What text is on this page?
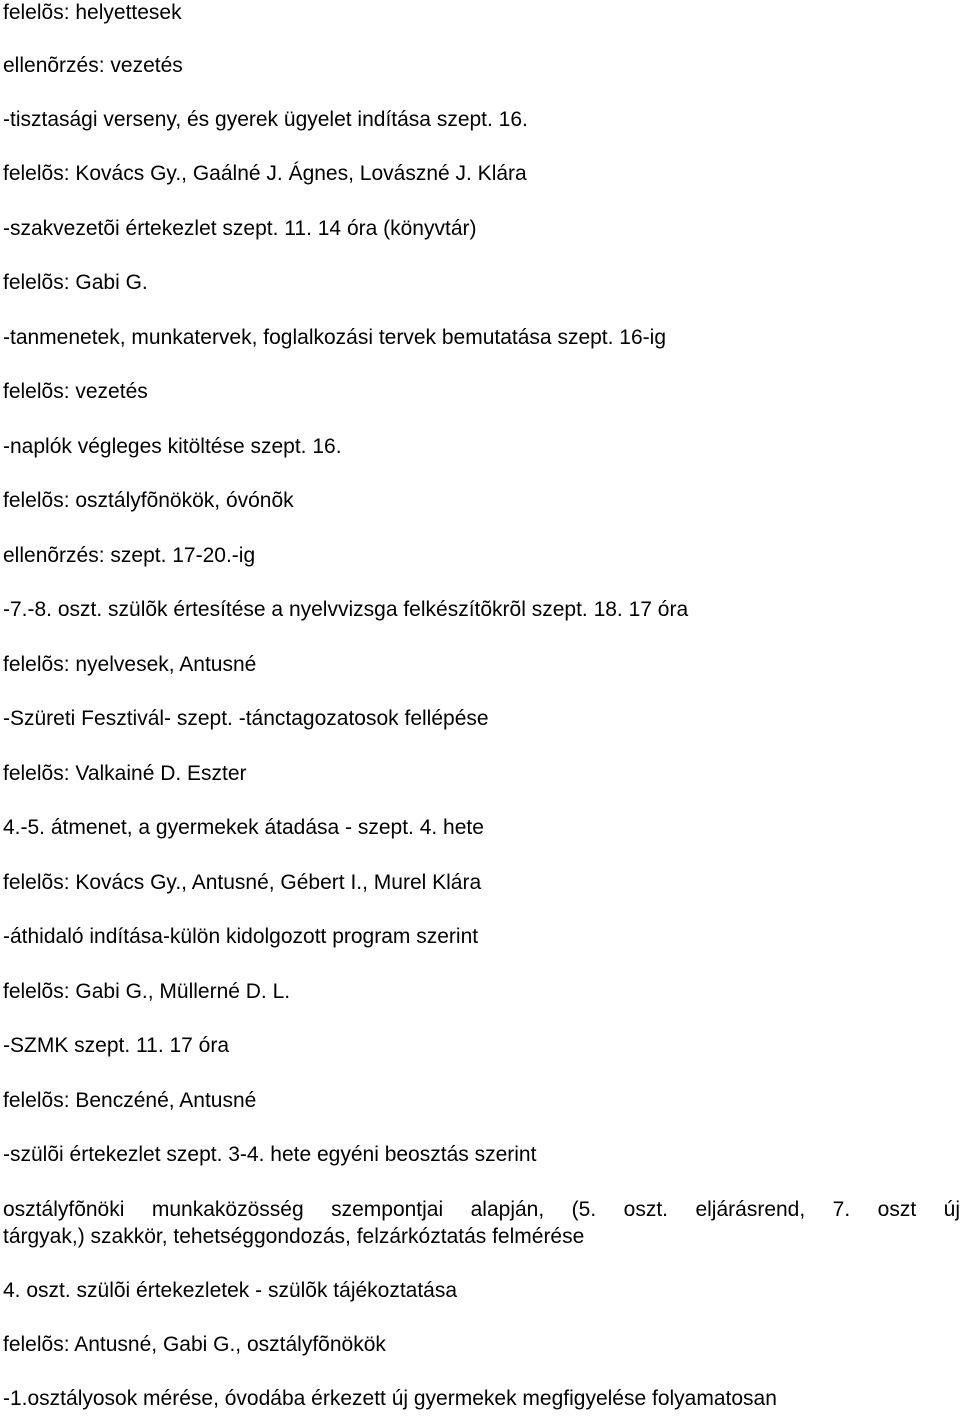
felelõs: helyettesek

ellenõrzés: vezetés

-tisztasági verseny, és gyerek ügyelet indítása szept. 16.

felelõs: Kovács Gy., Gaálné J. Ágnes, Lovászné J. Klára

-szakvezetõi értekezlet szept. 11. 14 óra (könyvtár)

felelõs: Gabi G.

-tanmenetek, munkatervek, foglalkozási tervek bemutatása szept. 16-ig

felelõs: vezetés

-naplók végleges kitöltése szept. 16.

felelõs: osztályfõnökök, óvónõk

ellenõrzés: szept. 17-20.-ig

-7.-8. oszt. szülõk értesítése a nyelvvizsga felkészítõkrõl szept. 18. 17 óra

felelõs: nyelvesek, Antusné

-Szüreti Fesztivál- szept. -tánctagozatosok fellépése

felelõs: Valkainé D. Eszter

4.-5. átmenet, a gyermekek átadása - szept. 4. hete

felelõs: Kovács Gy., Antusné, Gébert I., Murel Klára

-áthidaló indítása-külön kidolgozott program szerint

felelõs: Gabi G., Müllerné D. L.

-SZMK szept. 11. 17 óra

felelõs: Benczéné, Antusné

-szülõi értekezlet szept. 3-4. hete egyéni beosztás szerint

osztályfõnöki munkaközösség szempontjai alapján, (5. oszt. eljárásrend, 7. oszt új
tárgyak,) szakkör, tehetséggondozás, felzárkóztatás felmérése

4. oszt. szülõi értekezletek - szülõk tájékoztatása

felelõs: Antusné, Gabi G., osztályfõnökök

-1.osztályosok mérése, óvodába érkezett új gyermekek megfigyelése folyamatosan
